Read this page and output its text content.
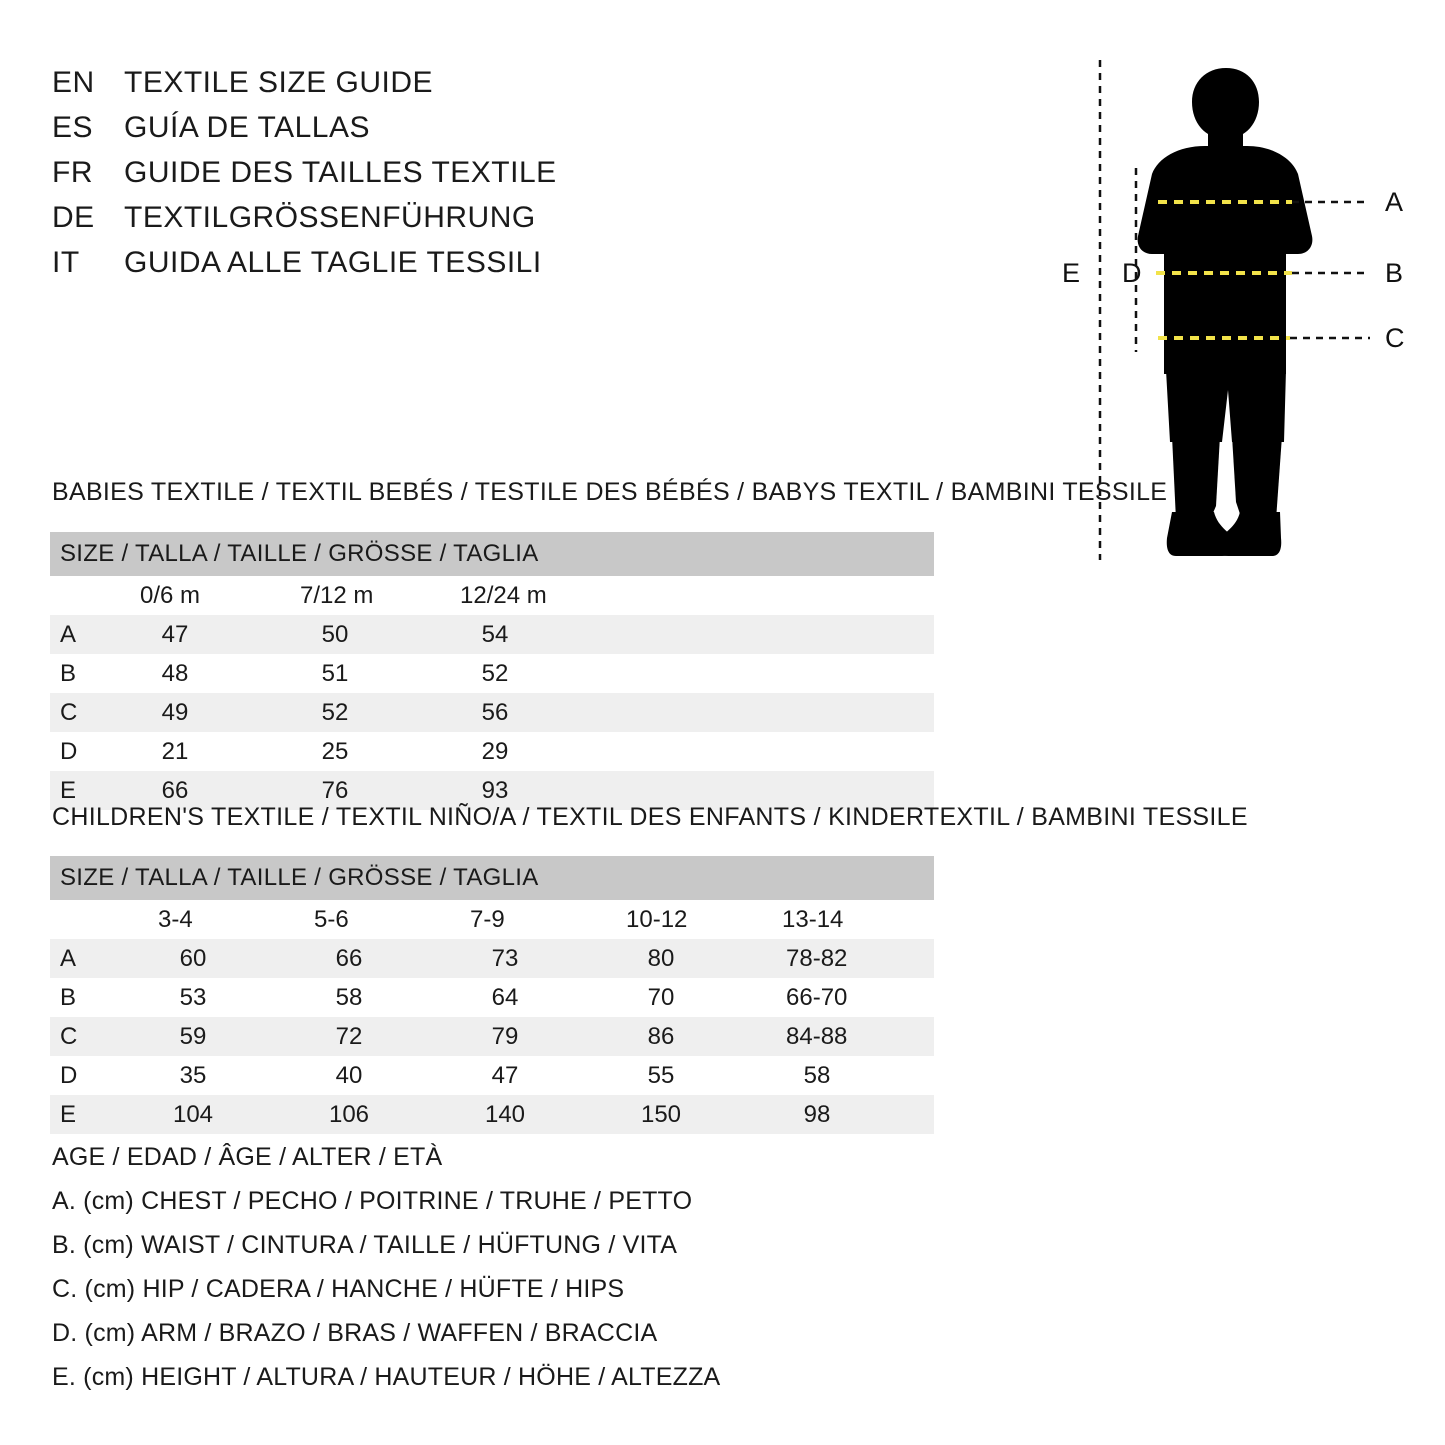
EN TEXTILE SIZE GUIDE
ES	GUÍA DE TALLAS
FR	GUIDE DES TAILLES TEXTILE
DE TEXTILGRÖSSENFÜHRUNG
IT	GUIDA ALLE TAGLIE TESSILI
A
B
C
D
E
BABIES TEXTILE / TEXTIL BEBÉS / TESTILE DES BÉBÉS / BABYS TEXTIL / BAMBINI TESSILE
SIZE / TALLA / TAILLE / GRÖSSE / TAGLIA				
	0/6 m	7/12 m	12/24 m	
A	47	50	54	
B	48	51	52	
C	49	52	56	
D	21	25	29	
E	66	76	93	
CHILDREN'S TEXTILE / TEXTIL NIÑO/A / TEXTIL DES ENFANTS / KINDERTEXTIL / BAMBINI TESSILE
SIZE / TALLA / TAILLE / GRÖSSE / TAGLIA					
	3-4	5-6	7-9	10-12	13-14
A	60	66	73	80	78-82
B	53	58	64	70	66-70
C	59	72	79	86	84-88
D	35	40	47	55	58
E	104	106	140	150	98
AGE / EDAD / ÂGE / ALTER / ETÀ
A. (cm) CHEST / PECHO / POITRINE / TRUHE / PETTO
B. (cm) WAIST / CINTURA / TAILLE / HÜFTUNG / VITA
C. (cm) HIP / CADERA / HANCHE / HÜFTE / HIPS
D. (cm) ARM / BRAZO / BRAS / WAFFEN / BRACCIA
E. (cm) HEIGHT / ALTURA / HAUTEUR / HÖHE / ALTEZZA
